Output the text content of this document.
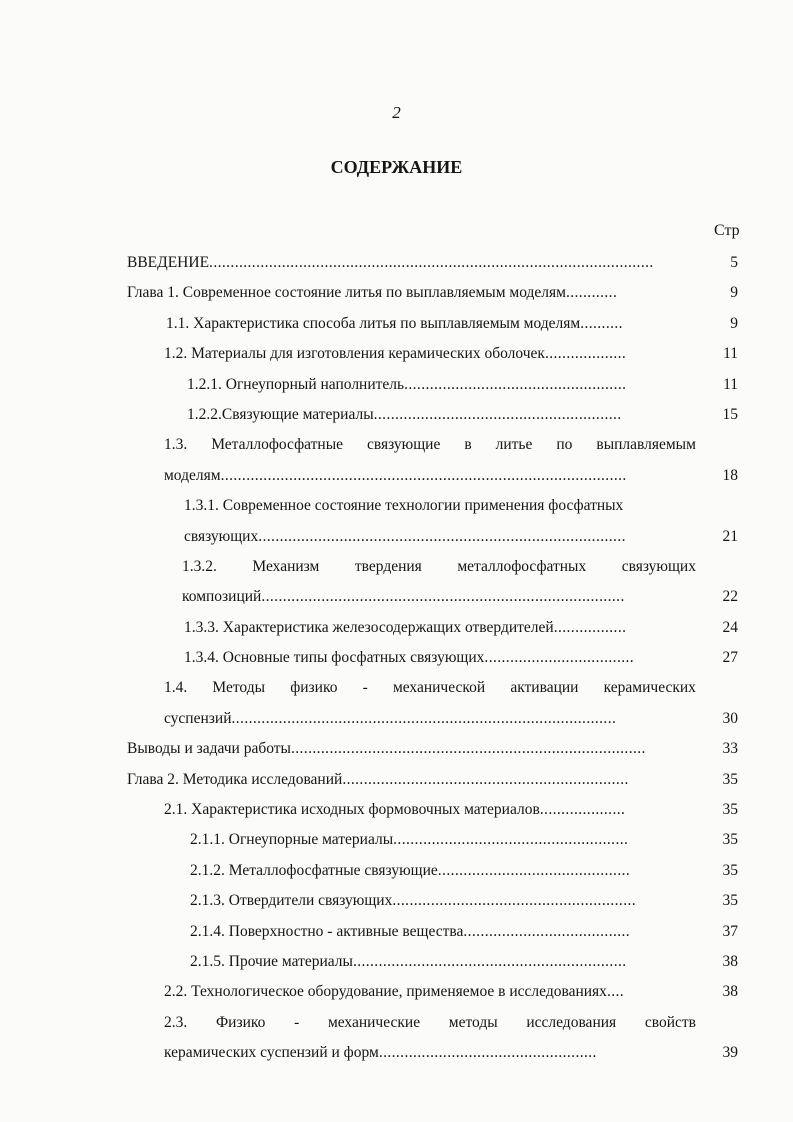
2
СОДЕРЖАНИЕ
Стр
ВВЕДЕНИЕ........................................................................................................	5
Глава 1. Современное состояние литья по выплавляемым моделям............	9
1.1. Характеристика способа литья по выплавляемым моделям..........	9
1.2. Материалы для изготовления керамических оболочек...................	11
1.2.1. Огнеупорный наполнитель....................................................	11
1.2.2.Связующие материалы..........................................................	15
1.3. Металлофосфатные связующие в литье по выплавляемым
моделям...............................................................................................	18
1.3.1. Современное состояние технологии применения фосфатных
связующих......................................................................................	21
1.3.2. Механизм твердения металлофосфатных связующих
композиций.....................................................................................	22
1.3.3. Характеристика железосодержащих отвердителей.................	24
1.3.4. Основные типы фосфатных связующих...................................	27
1.4. Методы физико - механической активации керамических
суспензий..........................................................................................	30
Выводы и задачи работы...................................................................................	33
Глава 2. Методика исследований...................................................................	35
2.1. Характеристика исходных формовочных материалов....................	35
2.1.1. Огнеупорные материалы.......................................................	35
2.1.2. Металлофосфатные связующие.............................................	35
2.1.3. Отвердители связующих.........................................................	35
2.1.4. Поверхностно - активные вещества.......................................	37
2.1.5. Прочие материалы................................................................	38
2.2. Технологическое оборудование, применяемое в исследованиях....	38
2.3. Физико - механические методы исследования свойств
керамических суспензий и форм...................................................	39
